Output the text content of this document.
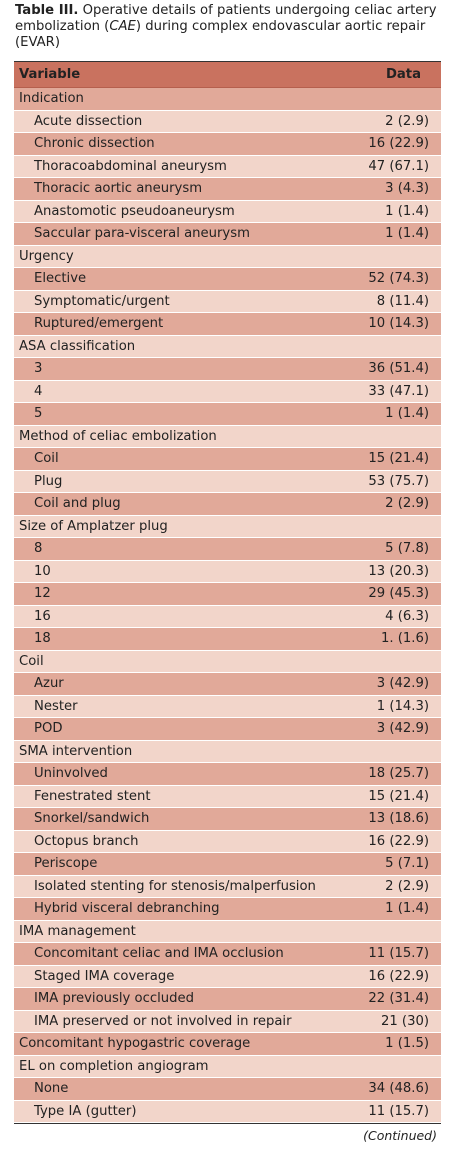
Table III. Operative details of patients undergoing celiac artery embolization (CAE) during complex endovascular aortic repair (EVAR)
Variable	Data
Indication
Acute dissection	2 (2.9)
Chronic dissection	16 (22.9)
Thoracoabdominal aneurysm	47 (67.1)
Thoracic aortic aneurysm	3 (4.3)
Anastomotic pseudoaneurysm	1 (1.4)
Saccular para-visceral aneurysm	1 (1.4)
Urgency
Elective	52 (74.3)
Symptomatic/urgent	8 (11.4)
Ruptured/emergent	10 (14.3)
ASA classification
3	36 (51.4)
4	33 (47.1)
5	1 (1.4)
Method of celiac embolization
Coil	15 (21.4)
Plug	53 (75.7)
Coil and plug	2 (2.9)
Size of Amplatzer plug
8	5 (7.8)
10	13 (20.3)
12	29 (45.3)
16	4 (6.3)
18	1. (1.6)
Coil
Azur	3 (42.9)
Nester	1 (14.3)
POD	3 (42.9)
SMA intervention
Uninvolved	18 (25.7)
Fenestrated stent	15 (21.4)
Snorkel/sandwich	13 (18.6)
Octopus branch	16 (22.9)
Periscope	5 (7.1)
Isolated stenting for stenosis/malperfusion	2 (2.9)
Hybrid visceral debranching	1 (1.4)
IMA management
Concomitant celiac and IMA occlusion	11 (15.7)
Staged IMA coverage	16 (22.9)
IMA previously occluded	22 (31.4)
IMA preserved or not involved in repair	21 (30)
Concomitant hypogastric coverage	1 (1.5)
EL on completion angiogram
None	34 (48.6)
Type IA (gutter)	11 (15.7)
(Continued)
